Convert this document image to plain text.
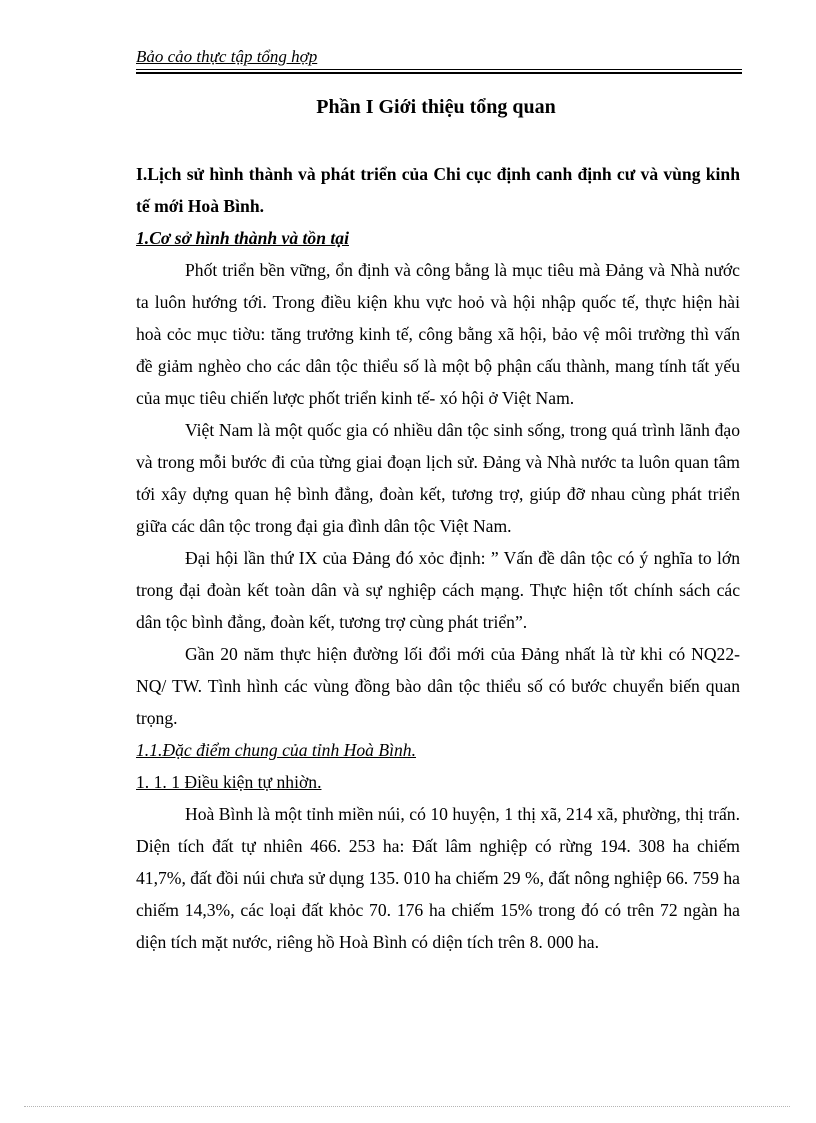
Bảo cảo thực tập tổng hợp
Phần I Giới thiệu tổng quan

I.Lịch sử hình thành và phát triển của Chi cục định canh định cư và vùng kinh tế mới Hoà Bình.

1.Cơ sở hình thành và tồn tại

Phốt triển bền vững, ổn định và công bằng là mục tiêu mà Đảng và Nhà nước ta luôn hướng tới. Trong điều kiện khu vực hoỏ và hội nhập quốc tế, thực hiện hài hoà cỏc mục tiờu: tăng trưởng kinh tế, công bằng xã hội, bảo vệ môi trường thì vấn đề giảm nghèo cho các dân tộc thiểu số là một bộ phận cấu thành, mang tính tất yếu của mục tiêu chiến lược phốt triển kinh tế- xó hội ở Việt Nam.

Việt Nam là một quốc gia có nhiều dân tộc sinh sống, trong quá trình lãnh đạo và trong mỗi bước đi của từng giai đoạn lịch sử. Đảng và Nhà nước ta luôn quan tâm tới xây dựng quan hệ bình đẳng, đoàn kết, tương trợ, giúp đỡ nhau cùng phát triển giữa các dân tộc trong đại gia đình dân tộc Việt Nam.

Đại hội lần thứ IX của Đảng đó xỏc định: ” Vấn đề dân tộc có ý nghĩa to lớn trong đại đoàn kết toàn dân và sự nghiệp cách mạng. Thực hiện tốt chính sách các dân tộc bình đẳng, đoàn kết, tương trợ cùng phát triển”.

Gần 20 năm thực hiện đường lối đổi mới của Đảng nhất là từ khi có NQ22- NQ/ TW. Tình hình các vùng đồng bào dân tộc thiểu số có bước chuyển biến quan trọng.

1.1.Đặc điểm chung của tỉnh Hoà Bình.

1. 1. 1 Điều kiện tự nhiờn.

Hoà Bình là một tỉnh miền núi, có 10 huyện, 1 thị xã, 214 xã, phường, thị trấn. Diện tích đất tự nhiên 466. 253 ha: Đất lâm nghiệp có rừng 194. 308 ha chiếm 41,7%, đất đồi núi chưa sử dụng 135. 010 ha chiếm 29 %, đất nông nghiệp 66. 759 ha chiếm 14,3%, các loại đất khỏc 70. 176 ha chiếm 15% trong đó có trên 72 ngàn ha diện tích mặt nước, riêng hồ Hoà Bình có diện tích trên 8. 000 ha.
